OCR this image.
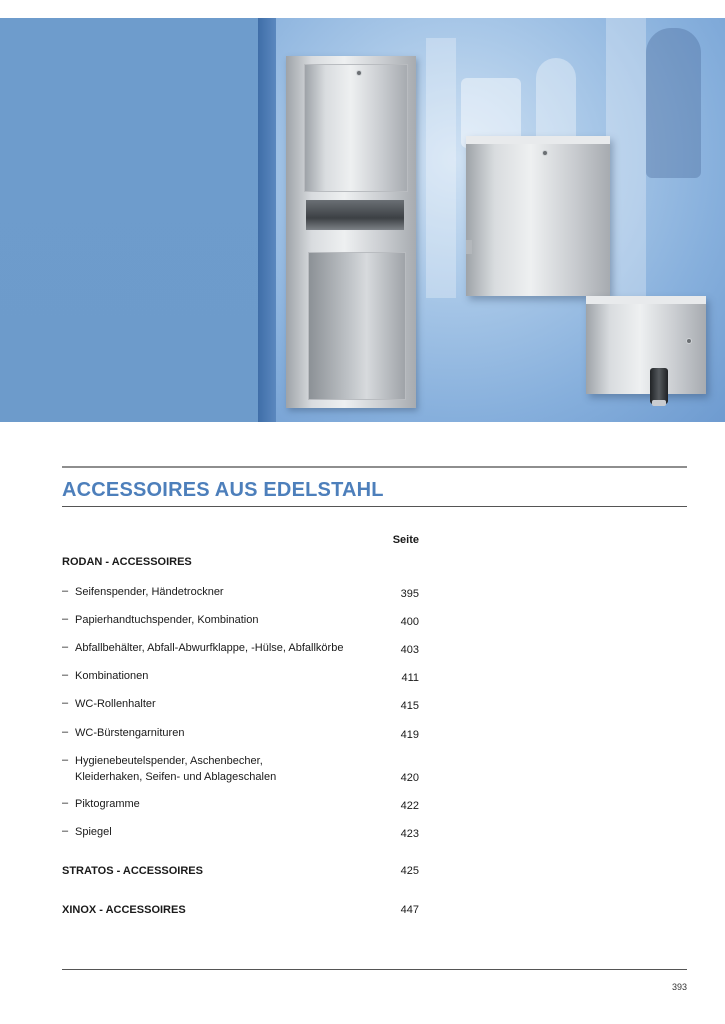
ACCESSOIRES AUS EDELSTAHL
Seite
RODAN - ACCESSOIRES
– Seifenspender, Händetrockner	395
– Papierhandtuchspender, Kombination	400
– Abfallbehälter, Abfall-Abwurfklappe, -Hülse, Abfallkörbe	403
– Kombinationen	411
– WC-Rollenhalter	415
– WC-Bürstengarnituren	419
– Hygienebeutelspender, Aschenbecher,
Kleiderhaken, Seifen- und Ablageschalen	420
– Piktogramme	422
– Spiegel	423
STRATOS - ACCESSOIRES	425
XINOX - ACCESSOIRES	447
393
